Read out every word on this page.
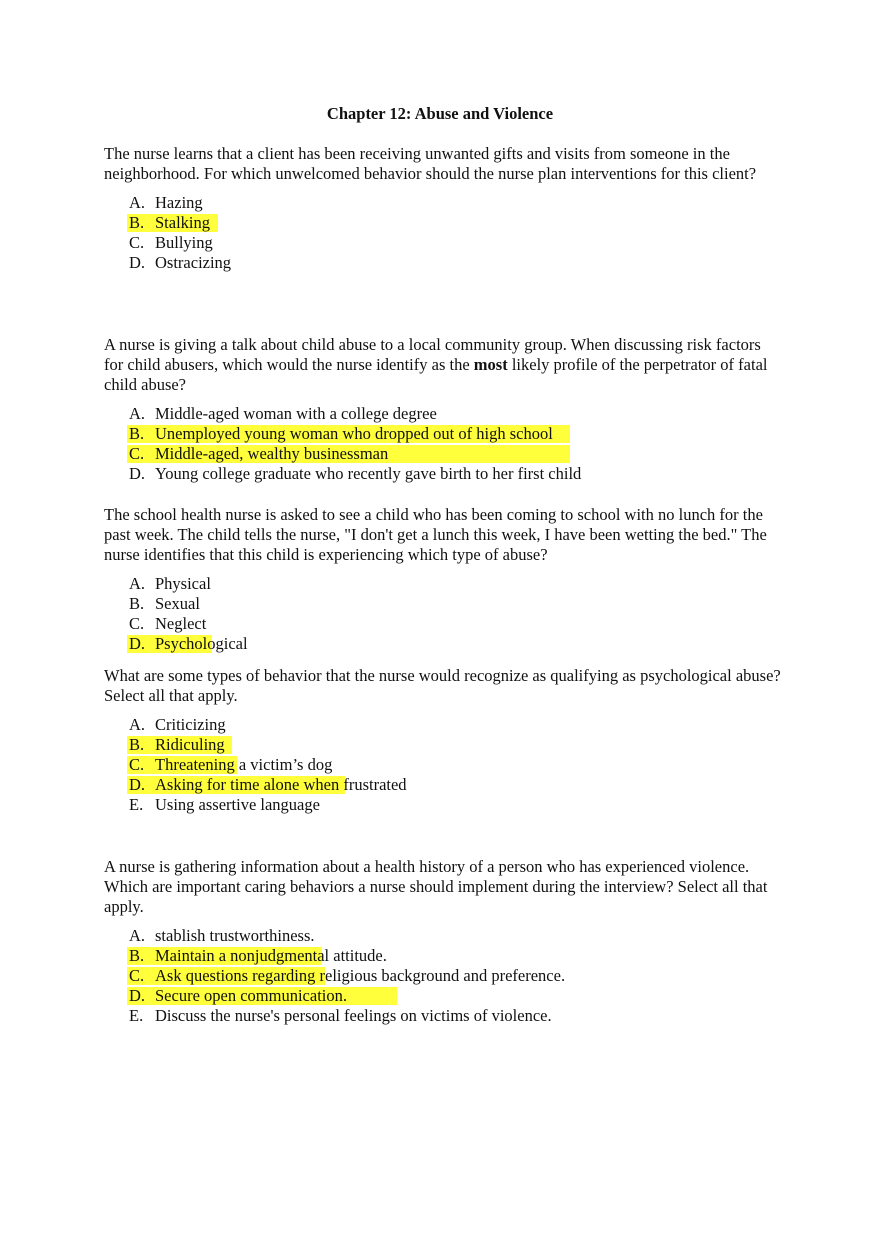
Chapter 12: Abuse and Violence

The nurse learns that a client has been receiving unwanted gifts and visits from someone in the neighborhood. For which unwelcomed behavior should the nurse plan interventions for this client?

A. Hazing
B. Stalking
C. Bullying
D. Ostracizing

A nurse is giving a talk about child abuse to a local community group. When discussing risk factors for child abusers, which would the nurse identify as the most likely profile of the perpetrator of fatal child abuse?

A. Middle-aged woman with a college degree
B. Unemployed young woman who dropped out of high school
C. Middle-aged, wealthy businessman
D. Young college graduate who recently gave birth to her first child

The school health nurse is asked to see a child who has been coming to school with no lunch for the past week. The child tells the nurse, "I don't get a lunch this week, I have been wetting the bed." The nurse identifies that this child is experiencing which type of abuse?

A. Physical
B. Sexual
C. Neglect
D. Psychological

What are some types of behavior that the nurse would recognize as qualifying as psychological abuse? Select all that apply.

A. Criticizing
B. Ridiculing
C. Threatening a victim’s dog
D. Asking for time alone when frustrated
E. Using assertive language

A nurse is gathering information about a health history of a person who has experienced violence. Which are important caring behaviors a nurse should implement during the interview? Select all that apply.

A. stablish trustworthiness.
B. Maintain a nonjudgmental attitude.
C. Ask questions regarding religious background and preference.
D. Secure open communication.
E. Discuss the nurse's personal feelings on victims of violence.
